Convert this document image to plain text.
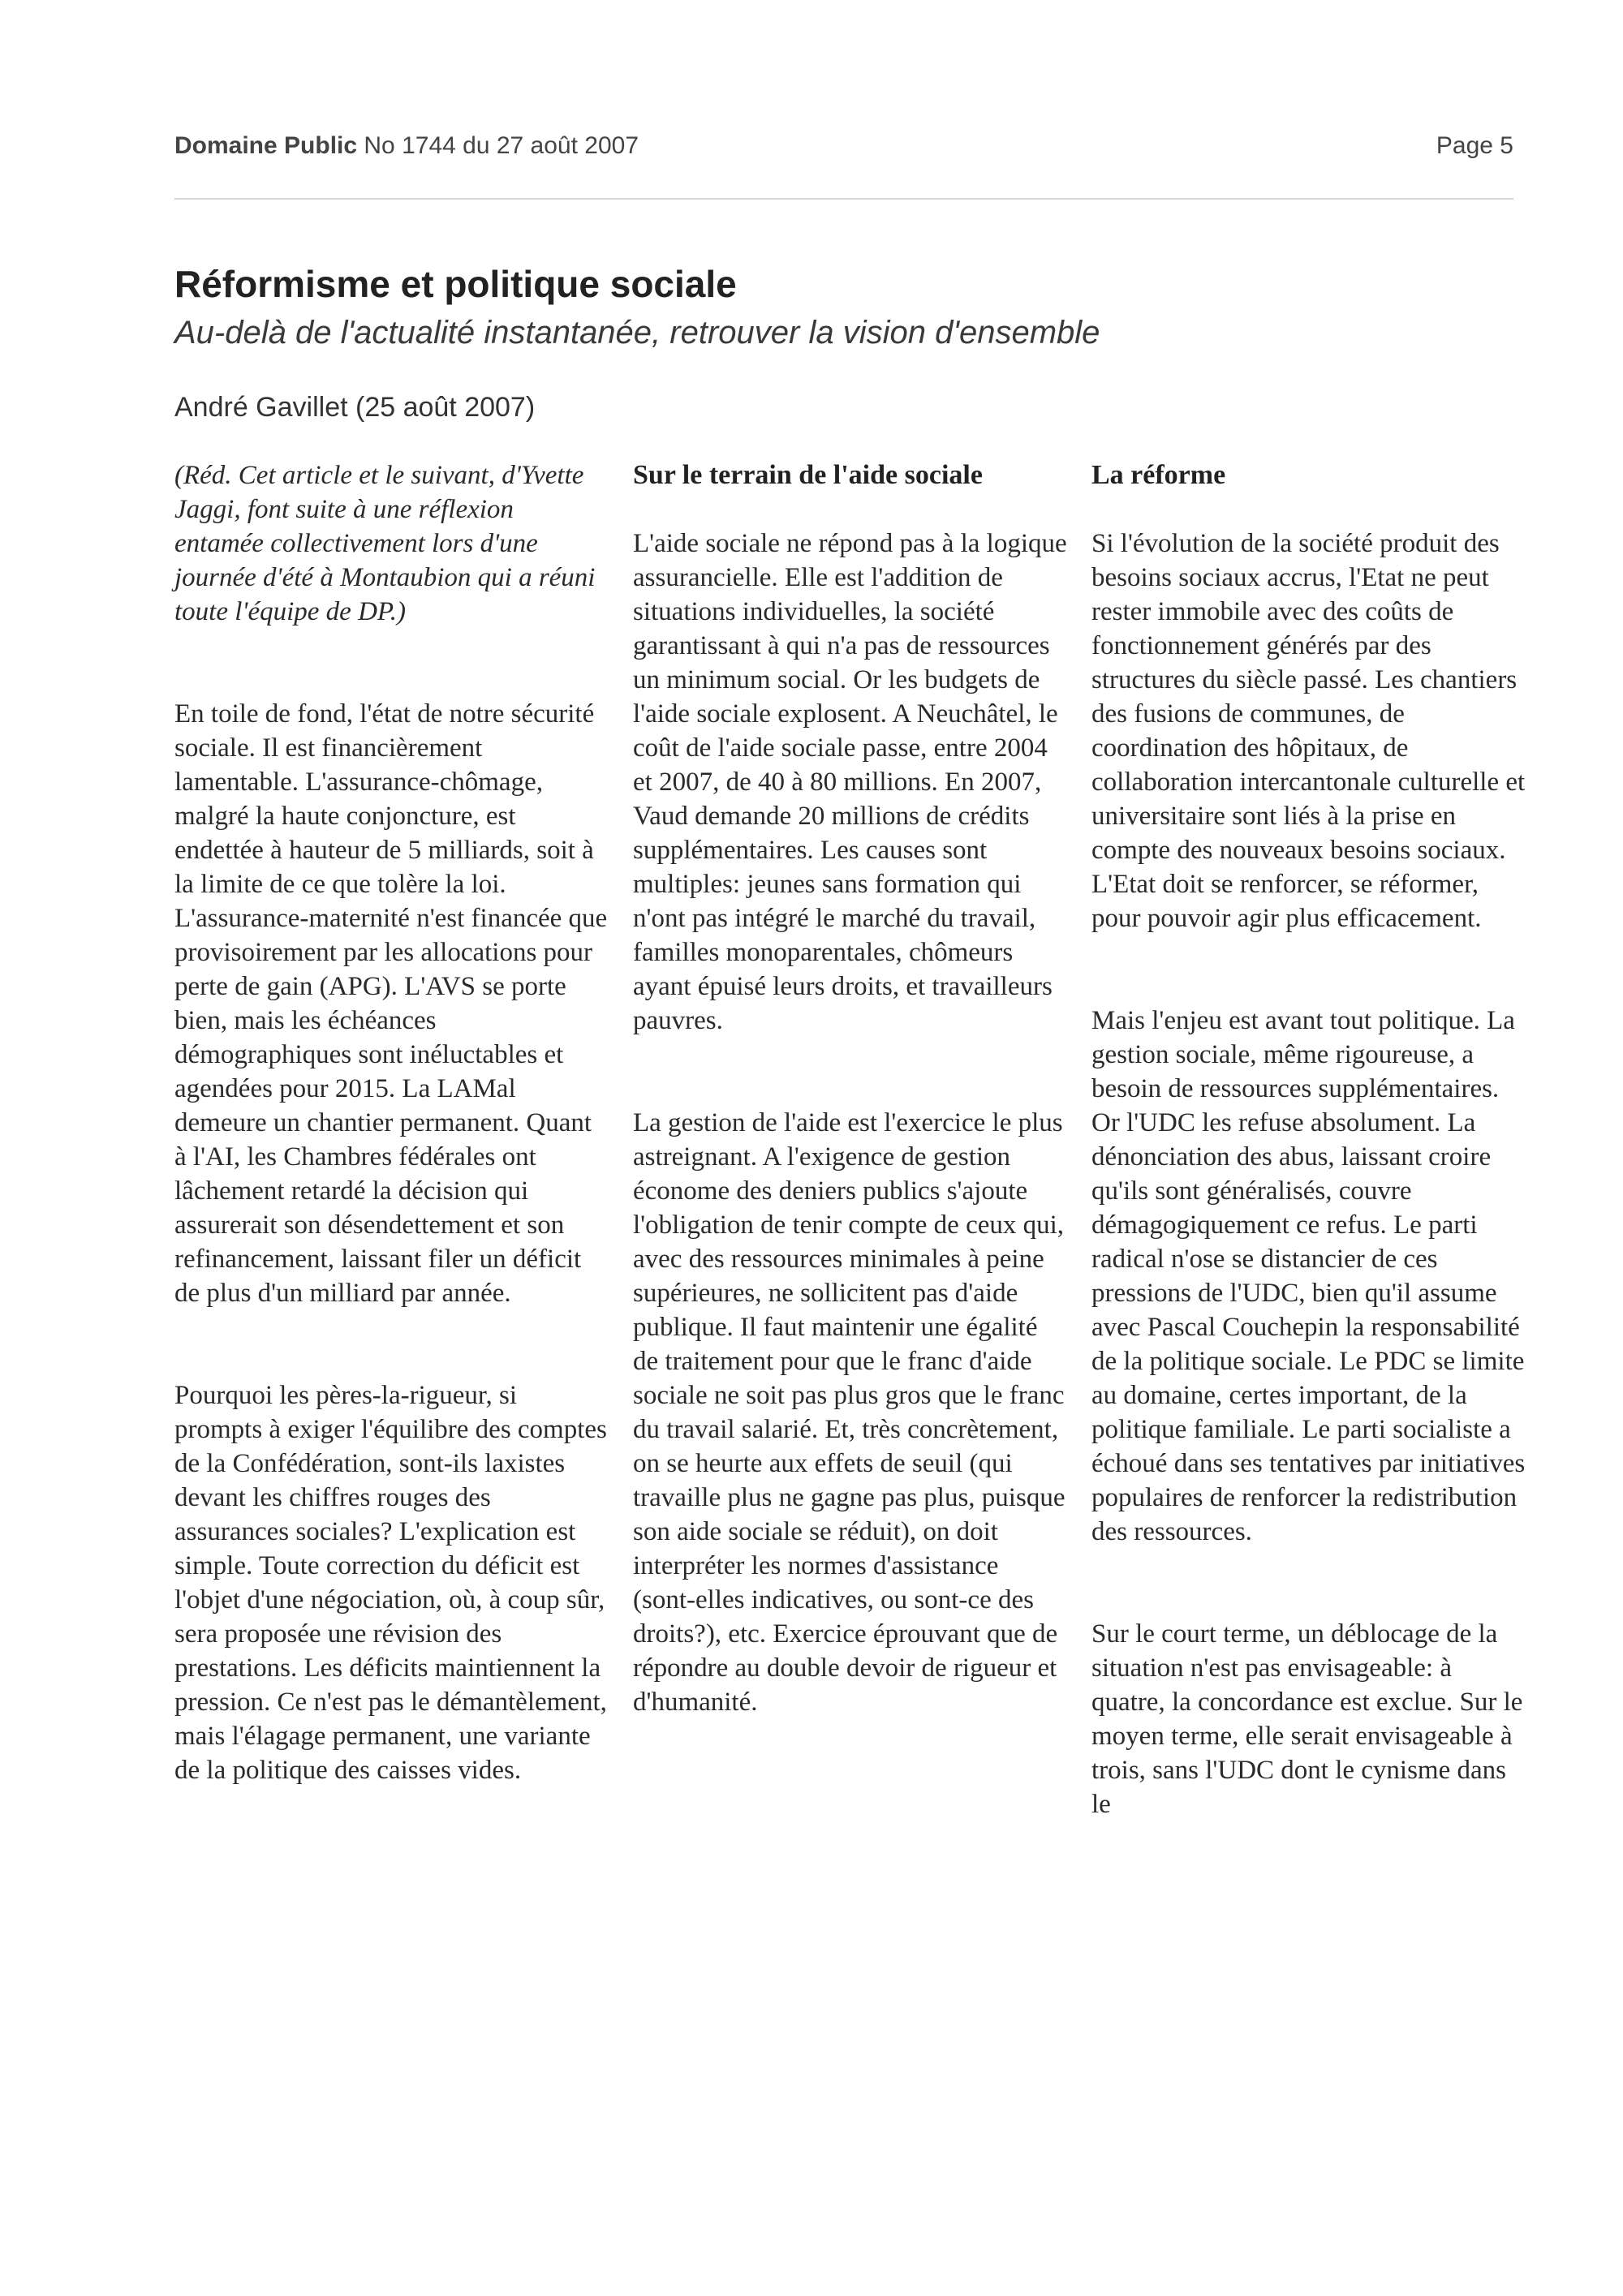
Domaine Public No 1744 du 27 août 2007	Page 5
Réformisme et politique sociale
Au-delà de l'actualité instantanée, retrouver la vision d'ensemble
André Gavillet (25 août 2007)

(Réd. Cet article et le suivant, d'Yvette Jaggi, font suite à une réflexion entamée collectivement lors d'une journée d'été à Montaubion qui a réuni toute l'équipe de DP.)

En toile de fond, l'état de notre sécurité sociale. Il est financièrement lamentable. L'assurance-chômage, malgré la haute conjoncture, est endettée à hauteur de 5 milliards, soit à la limite de ce que tolère la loi. L'assurance-maternité n'est financée que provisoirement par les allocations pour perte de gain (APG). L'AVS se porte bien, mais les échéances démographiques sont inéluctables et agendées pour 2015. La LAMal demeure un chantier permanent. Quant à l'AI, les Chambres fédérales ont lâchement retardé la décision qui assurerait son désendettement et son refinancement, laissant filer un déficit de plus d'un milliard par année.

Pourquoi les pères-la-rigueur, si prompts à exiger l'équilibre des comptes de la Confédération, sont-ils laxistes devant les chiffres rouges des assurances sociales? L'explication est simple. Toute correction du déficit est l'objet d'une négociation, où, à coup sûr, sera proposée une révision des prestations. Les déficits maintiennent la pression. Ce n'est pas le démantèlement, mais l'élagage permanent, une variante de la politique des caisses vides.

Sur le terrain de l'aide sociale

L'aide sociale ne répond pas à la logique assurancielle. Elle est l'addition de situations individuelles, la société garantissant à qui n'a pas de ressources un minimum social. Or les budgets de l'aide sociale explosent. A Neuchâtel, le coût de l'aide sociale passe, entre 2004 et 2007, de 40 à 80 millions. En 2007, Vaud demande 20 millions de crédits supplémentaires. Les causes sont multiples: jeunes sans formation qui n'ont pas intégré le marché du travail, familles monoparentales, chômeurs ayant épuisé leurs droits, et travailleurs pauvres.

La gestion de l'aide est l'exercice le plus astreignant. A l'exigence de gestion économe des deniers publics s'ajoute l'obligation de tenir compte de ceux qui, avec des ressources minimales à peine supérieures, ne sollicitent pas d'aide publique. Il faut maintenir une égalité de traitement pour que le franc d'aide sociale ne soit pas plus gros que le franc du travail salarié. Et, très concrètement, on se heurte aux effets de seuil (qui travaille plus ne gagne pas plus, puisque son aide sociale se réduit), on doit interpréter les normes d'assistance (sont-elles indicatives, ou sont-ce des droits?), etc. Exercice éprouvant que de répondre au double devoir de rigueur et d'humanité.

La réforme

Si l'évolution de la société produit des besoins sociaux accrus, l'Etat ne peut rester immobile avec des coûts de fonctionnement générés par des structures du siècle passé. Les chantiers des fusions de communes, de coordination des hôpitaux, de collaboration intercantonale culturelle et universitaire sont liés à la prise en compte des nouveaux besoins sociaux. L'Etat doit se renforcer, se réformer, pour pouvoir agir plus efficacement.

Mais l'enjeu est avant tout politique. La gestion sociale, même rigoureuse, a besoin de ressources supplémentaires. Or l'UDC les refuse absolument. La dénonciation des abus, laissant croire qu'ils sont généralisés, couvre démagogiquement ce refus. Le parti radical n'ose se distancier de ces pressions de l'UDC, bien qu'il assume avec Pascal Couchepin la responsabilité de la politique sociale. Le PDC se limite au domaine, certes important, de la politique familiale. Le parti socialiste a échoué dans ses tentatives par initiatives populaires de renforcer la redistribution des ressources.

Sur le court terme, un déblocage de la situation n'est pas envisageable: à quatre, la concordance est exclue. Sur le moyen terme, elle serait envisageable à trois, sans l'UDC dont le cynisme dans le
